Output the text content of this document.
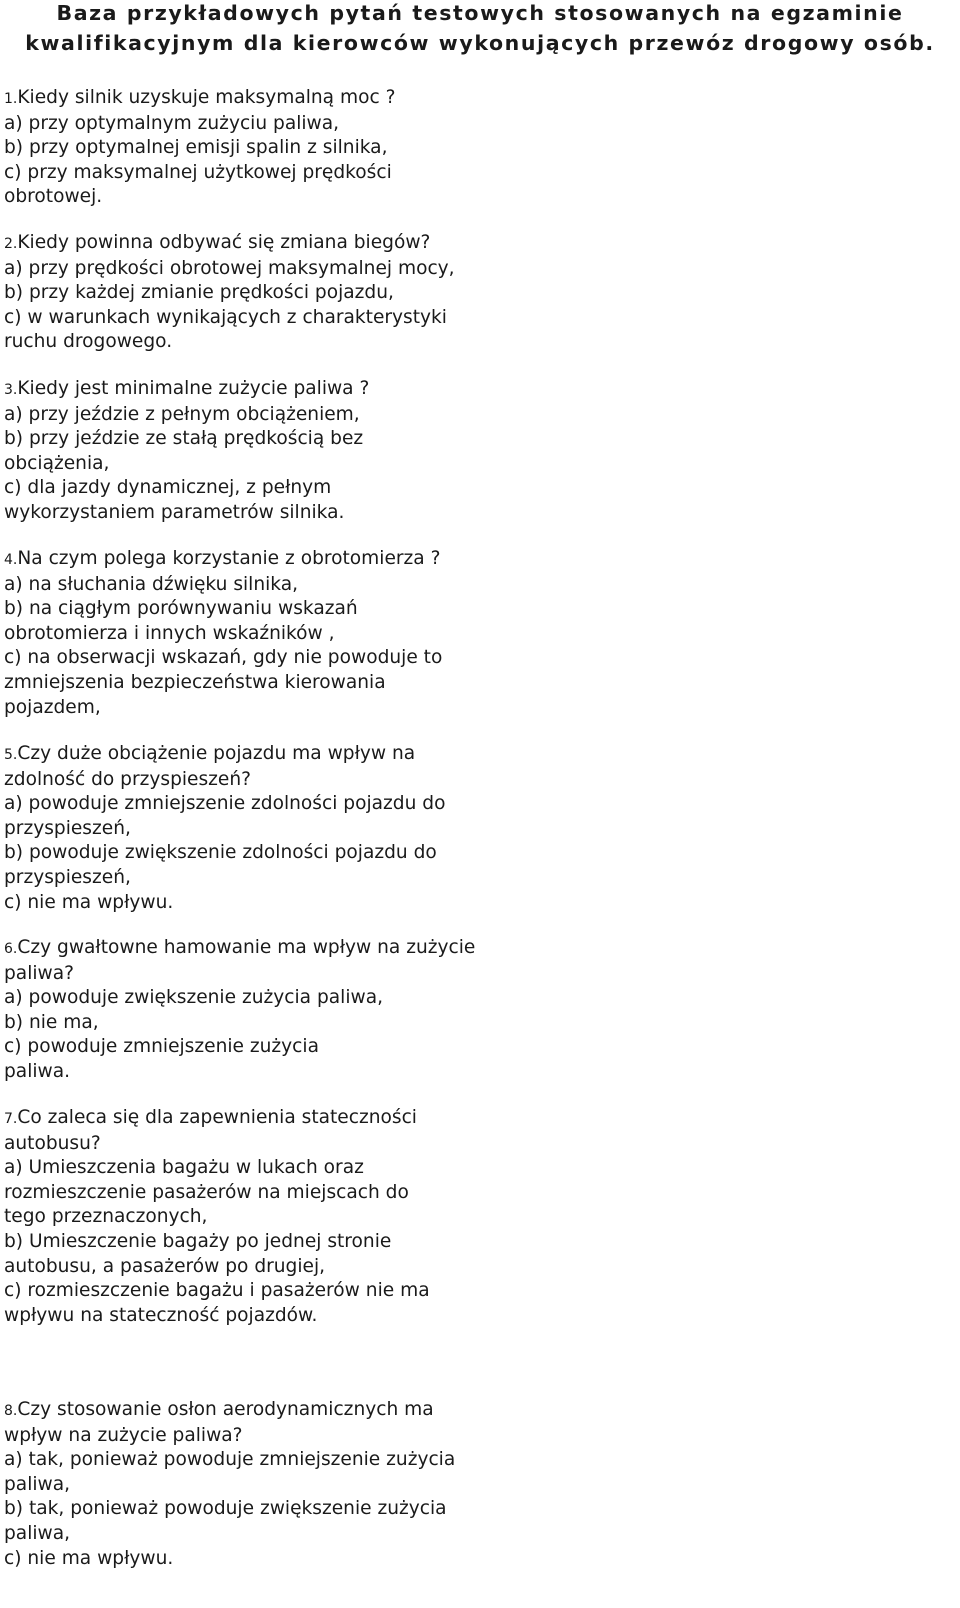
Baza przykładowych pytań testowych stosowanych na egzaminie
kwalifikacyjnym dla kierowców wykonujących przewóz drogowy osób.
1.Kiedy silnik uzyskuje maksymalną moc ?
a) przy optymalnym zużyciu paliwa,
b) przy optymalnej emisji spalin z silnika,
c) przy maksymalnej użytkowej prędkości
obrotowej.
2.Kiedy powinna odbywać się zmiana biegów?
a) przy prędkości obrotowej maksymalnej mocy,
b) przy każdej zmianie prędkości pojazdu,
c) w warunkach wynikających z charakterystyki
ruchu drogowego.
3.Kiedy jest minimalne zużycie paliwa ?
a) przy jeździe z pełnym obciążeniem,
b) przy jeździe ze stałą prędkością bez
obciążenia,
c) dla jazdy dynamicznej, z pełnym
wykorzystaniem parametrów silnika.
4.Na czym polega korzystanie z obrotomierza ?
a) na słuchania dźwięku silnika,
b) na ciągłym porównywaniu wskazań
obrotomierza i innych wskaźników ,
c) na obserwacji wskazań, gdy nie powoduje to
zmniejszenia bezpieczeństwa kierowania
pojazdem,
5.Czy duże obciążenie pojazdu ma wpływ na
zdolność do przyspieszeń?
a) powoduje zmniejszenie zdolności pojazdu do
przyspieszeń,
b) powoduje zwiększenie zdolności pojazdu do
przyspieszeń,
c) nie ma wpływu.
6.Czy gwałtowne hamowanie ma wpływ na zużycie
paliwa?
a) powoduje zwiększenie zużycia paliwa,
b) nie ma,
c) powoduje zmniejszenie zużycia
paliwa.
7.Co zaleca się dla zapewnienia stateczności
autobusu?
a) Umieszczenia bagażu w lukach oraz
rozmieszczenie pasażerów na miejscach do
tego przeznaczonych,
b) Umieszczenie bagaży po jednej stronie
autobusu, a pasażerów po drugiej,
c) rozmieszczenie bagażu i pasażerów nie ma
wpływu na stateczność pojazdów.
8.Czy stosowanie osłon aerodynamicznych ma
wpływ na zużycie paliwa?
a) tak, ponieważ powoduje zmniejszenie zużycia
paliwa,
b) tak, ponieważ powoduje zwiększenie zużycia
paliwa,
c) nie ma wpływu.
